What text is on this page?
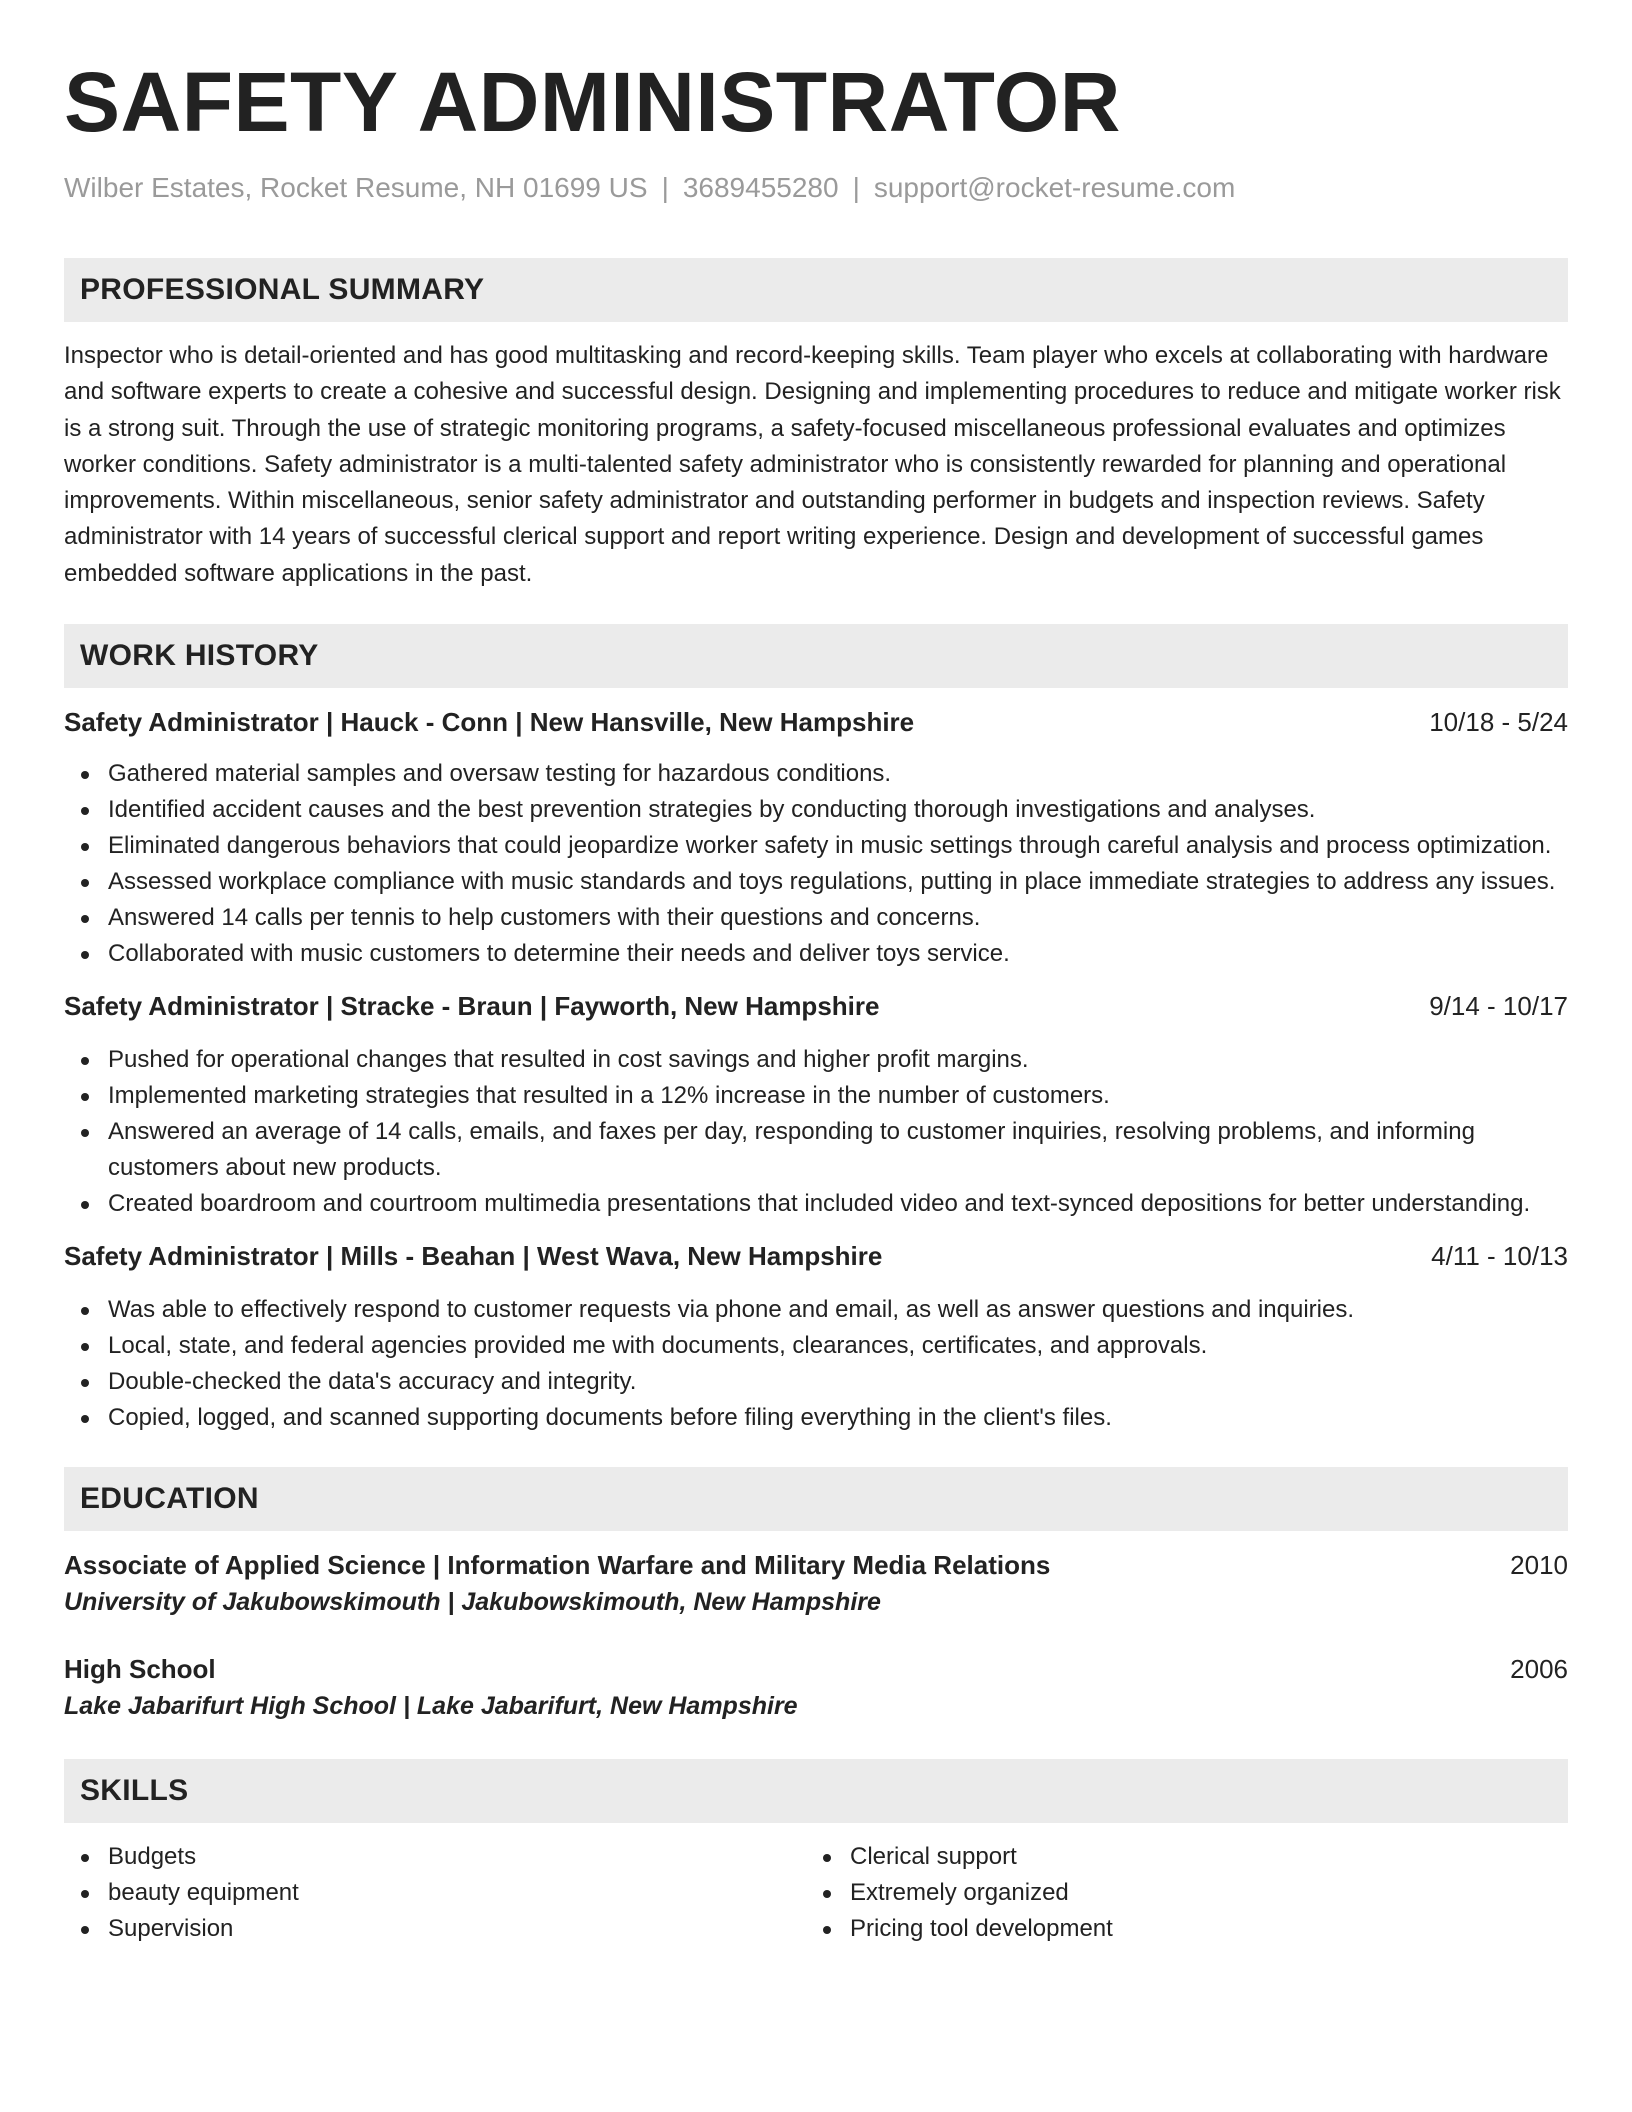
SAFETY ADMINISTRATOR
Wilber Estates, Rocket Resume, NH 01699 US | 3689455280 | support@rocket-resume.com
PROFESSIONAL SUMMARY
Inspector who is detail-oriented and has good multitasking and record-keeping skills. Team player who excels at collaborating with hardware and software experts to create a cohesive and successful design. Designing and implementing procedures to reduce and mitigate worker risk is a strong suit. Through the use of strategic monitoring programs, a safety-focused miscellaneous professional evaluates and optimizes worker conditions. Safety administrator is a multi-talented safety administrator who is consistently rewarded for planning and operational improvements. Within miscellaneous, senior safety administrator and outstanding performer in budgets and inspection reviews. Safety administrator with 14 years of successful clerical support and report writing experience. Design and development of successful games embedded software applications in the past.
WORK HISTORY
Safety Administrator | Hauck - Conn | New Hansville, New Hampshire	10/18 - 5/24
Gathered material samples and oversaw testing for hazardous conditions.
Identified accident causes and the best prevention strategies by conducting thorough investigations and analyses.
Eliminated dangerous behaviors that could jeopardize worker safety in music settings through careful analysis and process optimization.
Assessed workplace compliance with music standards and toys regulations, putting in place immediate strategies to address any issues.
Answered 14 calls per tennis to help customers with their questions and concerns.
Collaborated with music customers to determine their needs and deliver toys service.
Safety Administrator | Stracke - Braun | Fayworth, New Hampshire	9/14 - 10/17
Pushed for operational changes that resulted in cost savings and higher profit margins.
Implemented marketing strategies that resulted in a 12% increase in the number of customers.
Answered an average of 14 calls, emails, and faxes per day, responding to customer inquiries, resolving problems, and informing customers about new products.
Created boardroom and courtroom multimedia presentations that included video and text-synced depositions for better understanding.
Safety Administrator | Mills - Beahan | West Wava, New Hampshire	4/11 - 10/13
Was able to effectively respond to customer requests via phone and email, as well as answer questions and inquiries.
Local, state, and federal agencies provided me with documents, clearances, certificates, and approvals.
Double-checked the data's accuracy and integrity.
Copied, logged, and scanned supporting documents before filing everything in the client's files.
EDUCATION
Associate of Applied Science | Information Warfare and Military Media Relations	2010
University of Jakubowskimouth | Jakubowskimouth, New Hampshire
High School	2006
Lake Jabarifurt High School | Lake Jabarifurt, New Hampshire
SKILLS
Budgets
beauty equipment
Supervision
Clerical support
Extremely organized
Pricing tool development
